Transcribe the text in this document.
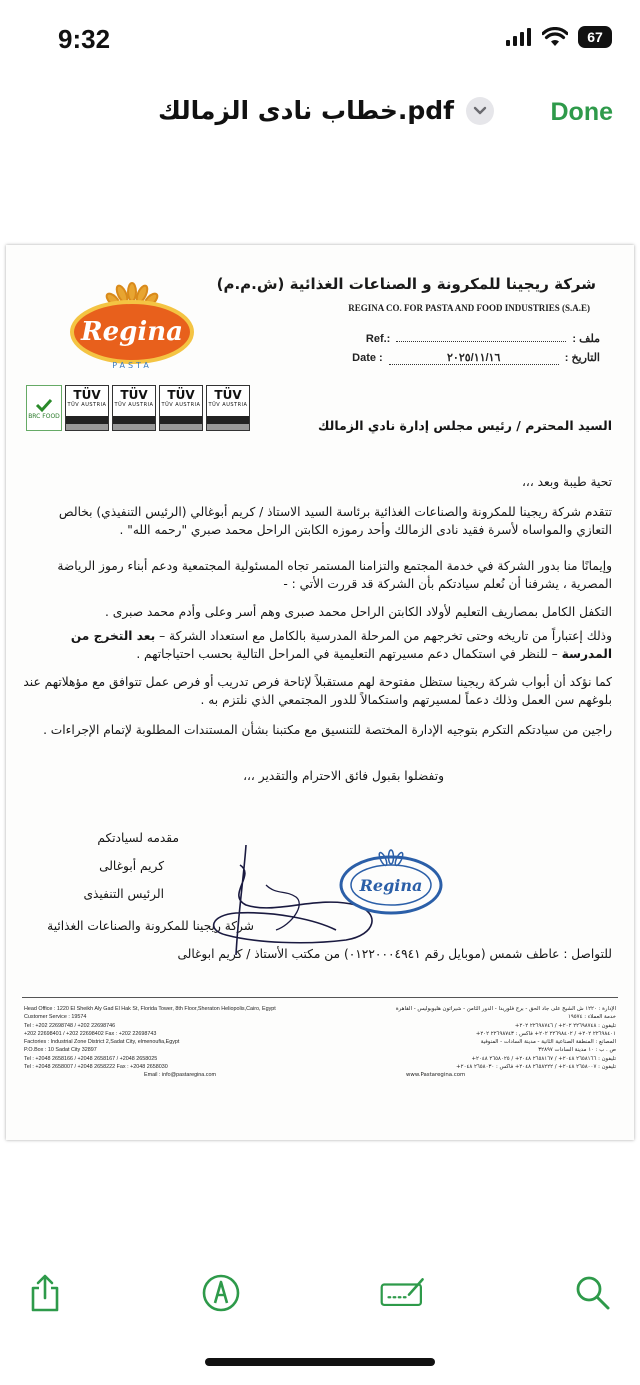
9:32	67
خطاب نادى الزمالك.pdf	Done
Regina
PASTA
BRC FOOD
TÜV
TÜV AUSTRIA
TÜV
TÜV AUSTRIA
TÜV
TÜV AUSTRIA
TÜV
TÜV AUSTRIA
شركة ريجينا للمكرونة و الصناعات الغذائية (ش.م.م)
REGINA CO. FOR PASTA AND FOOD INDUSTRIES (S.A.E)
Ref.:	: ملف
Date :	٢٠٢٥/١١/١٦	: التاريخ
السيد المحترم / رئيس مجلس إدارة نادي الزمالك
تحية طيبة وبعد ،،،
تتقدم شركة ريجينا للمكرونة والصناعات الغذائية برئاسة السيد الاستاذ / كريم أبوغالي (الرئيس التنفيذي) بخالص التعازي والمواساه لأسرة فقيد نادى الزمالك وأحد رموزه الكابتن الراحل محمد صبري "رحمه الله" .
وإيمانًا منا بدور الشركة في خدمة المجتمع والتزامنا المستمر تجاه المسئولية المجتمعية ودعم أبناء رموز الرياضة المصرية ، يشرفنا أن نُعلم سيادتكم بأن الشركة قد قررت الأتي : -
التكفل الكامل بمصاريف التعليم لأولاد الكابتن الراحل محمد صبرى وهم أسر وعلى وأدم محمد صبرى .
وذلك إعتباراً من تاريخه وحتى تخرجهم من المرحلة المدرسية بالكامل مع استعداد الشركة – بعد التخرج من المدرسة – للنظر في استكمال دعم مسيرتهم التعليمية في المراحل التالية بحسب احتياجاتهم .
كما نؤكد أن أبواب شركة ريجينا ستظل مفتوحة لهم مستقبلاً لإتاحة فرص تدريب أو فرص عمل تتوافق مع مؤهلاتهم عند بلوغهم سن العمل وذلك دعماً لمسيرتهم واستكمالاً للدور المجتمعي الذي نلتزم به .
راجين من سيادتكم التكرم بتوجيه الإدارة المختصة للتنسيق مع مكتبنا بشأن المستندات المطلوبة لإتمام الإجراءات .
وتفضلوا بقبول فائق الاحترام والتقدير ،،،
مقدمه لسيادتكم
كريم أبوغالى
الرئيس التنفيذى
شركة ريجينا للمكرونة والصناعات الغذائية
للتواصل : عاطف شمس (موبايل رقم ٠١٢٢٠٠٠٤٩٤١) من مكتب الأستاذ / كريم ابوغالى
Regina
Head Office : 1220 El Sheikh Aly Gad El Hak St, Florida Tower, 8th Floor,Sheraton Heliopolis,Cairo, Egypt
Customer Service : 19574
Tel : +202 22698748 / +202 22698746
+202 22698401 / +202 22698402 Fax : +202 22698743
Factories : Industrial Zone District 2,Sadat City, elmenoufia,Egypt
P.O.Box : 10 Sadat City 32897
Tel : +2048 2658166 / +2048 2658167 / +2048 2658025
Tel : +2048 2658007 / +2048 2658222 Fax : +2048 2658030
Email : info@pastaregina.com
الإدارة : ١٢٢٠ ش الشيخ على جاد الحق - برج فلوريدا - الدور الثامن - شيراتون هليوبوليس - القاهرة
خدمة العملاء : ١٩٥٧٤
تليفون : ٢٢٦٩٨٧٤٨ ٢٠٢+ / ٢٢٦٩٨٧٤٦ ٢٠٢+
٢٢٦٩٨٤٠١ ٢٠٢+ / ٢٢٦٩٨٤٠٢ ٢٠٢+ فاكس : ٢٢٦٩٨٧٤٣ ٢٠٢+
المصانع : المنطقة الصناعية الثانية - مدينة السادات - المنوفية
ص . ب : ١٠ مدينة السادات ٣٢٨٩٧
تليفون : ٢٦٥٨١٦٦ ٢٠٤٨+ / ٢٦٥٨١٦٧ ٢٠٤٨+ / ٢٦٥٨٠٢٥ ٢٠٤٨+
تليفون : ٢٦٥٨٠٠٧ ٢٠٤٨+ / ٢٦٥٨٢٢٢ ٢٠٤٨+ فاكس : ٢٦٥٨٠٣٠ ٢٠٤٨+
www.Pastaregina.com
